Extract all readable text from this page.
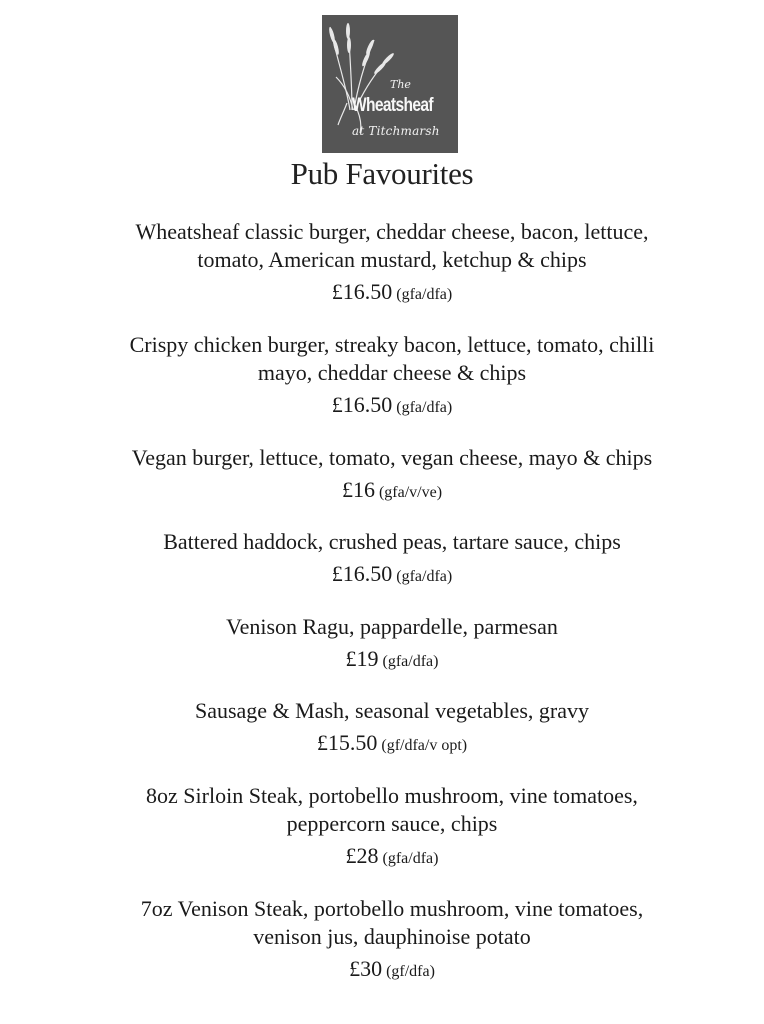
The
Wheatsheaf
at Titchmarsh
Pub Favourites
Wheatsheaf classic burger, cheddar cheese, bacon, lettuce,
tomato, American mustard, ketchup & chips
£16.50 (gfa/dfa)
Crispy chicken burger, streaky bacon, lettuce, tomato, chilli
mayo, cheddar cheese & chips
£16.50 (gfa/dfa)
Vegan burger, lettuce, tomato, vegan cheese, mayo & chips
£16 (gfa/v/ve)
Battered haddock, crushed peas, tartare sauce, chips
£16.50 (gfa/dfa)
Venison Ragu, pappardelle, parmesan
£19 (gfa/dfa)
Sausage & Mash, seasonal vegetables, gravy
£15.50 (gf/dfa/v opt)
8oz Sirloin Steak, portobello mushroom, vine tomatoes,
peppercorn sauce, chips
£28 (gfa/dfa)
7oz Venison Steak, portobello mushroom, vine tomatoes,
venison jus, dauphinoise potato
£30 (gf/dfa)
